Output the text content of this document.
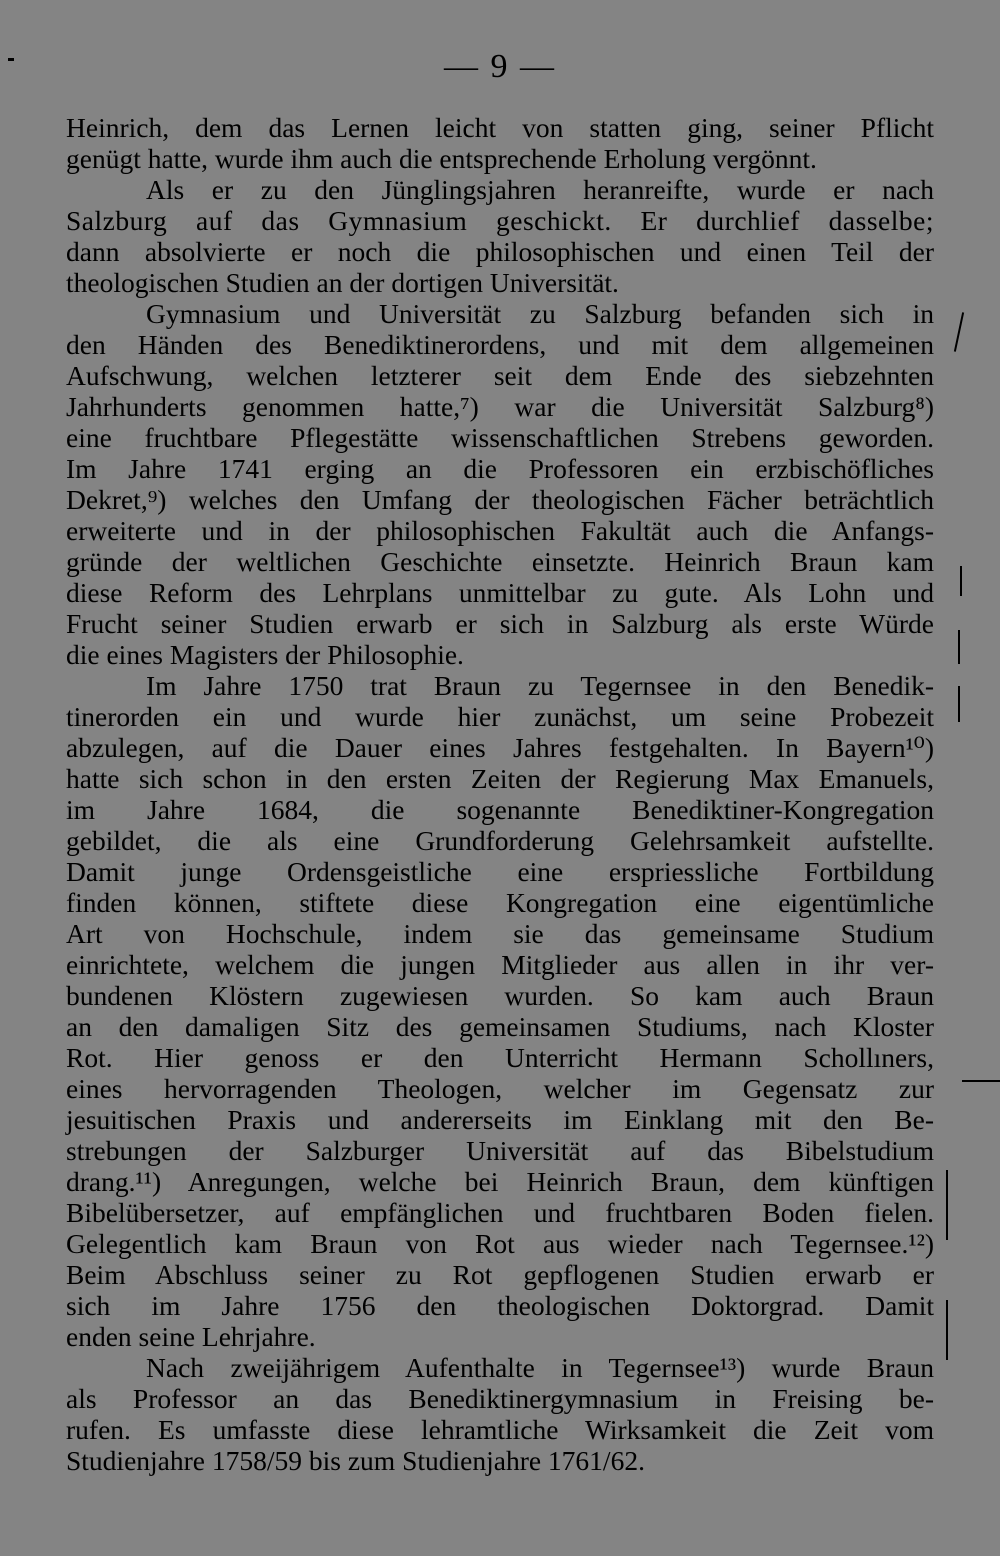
— 9 —
Heinrich, dem das Lernen leicht von statten ging, seiner Pflicht
genügt hatte, wurde ihm auch die entsprechende Erholung vergönnt.
Als er zu den Jünglingsjahren heranreifte, wurde er nach
Salzburg auf das Gymnasium geschickt. Er durchlief dasselbe;
dann absolvierte er noch die philosophischen und einen Teil der
theologischen Studien an der dortigen Universität.
Gymnasium und Universität zu Salzburg befanden sich in
den Händen des Benediktinerordens, und mit dem allgemeinen
Aufschwung, welchen letzterer seit dem Ende des siebzehnten
Jahrhunderts genommen hatte,⁷) war die Universität Salzburg⁸)
eine fruchtbare Pflegestätte wissenschaftlichen Strebens geworden.
Im Jahre 1741 erging an die Professoren ein erzbischöfliches
Dekret,⁹) welches den Umfang der theologischen Fächer beträchtlich
erweiterte und in der philosophischen Fakultät auch die Anfangs-
gründe der weltlichen Geschichte einsetzte. Heinrich Braun kam
diese Reform des Lehrplans unmittelbar zu gute. Als Lohn und
Frucht seiner Studien erwarb er sich in Salzburg als erste Würde
die eines Magisters der Philosophie.
Im Jahre 1750 trat Braun zu Tegernsee in den Benedik-
tinerorden ein und wurde hier zunächst, um seine Probezeit
abzulegen, auf die Dauer eines Jahres festgehalten. In Bayern¹⁰)
hatte sich schon in den ersten Zeiten der Regierung Max Emanuels,
im Jahre 1684, die sogenannte Benediktiner-Kongregation
gebildet, die als eine Grundforderung Gelehrsamkeit aufstellte.
Damit junge Ordensgeistliche eine erspriessliche Fortbildung
finden können, stiftete diese Kongregation eine eigentümliche
Art von Hochschule, indem sie das gemeinsame Studium
einrichtete, welchem die jungen Mitglieder aus allen in ihr ver-
bundenen Klöstern zugewiesen wurden. So kam auch Braun
an den damaligen Sitz des gemeinsamen Studiums, nach Kloster
Rot. Hier genoss er den Unterricht Hermann Schollıners,
eines hervorragenden Theologen, welcher im Gegensatz zur
jesuitischen Praxis und andererseits im Einklang mit den Be-
strebungen der Salzburger Universität auf das Bibelstudium
drang.¹¹) Anregungen, welche bei Heinrich Braun, dem künftigen
Bibelübersetzer, auf empfänglichen und fruchtbaren Boden fielen.
Gelegentlich kam Braun von Rot aus wieder nach Tegernsee.¹²)
Beim Abschluss seiner zu Rot gepflogenen Studien erwarb er
sich im Jahre 1756 den theologischen Doktorgrad. Damit
enden seine Lehrjahre.
Nach zweijährigem Aufenthalte in Tegernsee¹³) wurde Braun
als Professor an das Benediktinergymnasium in Freising be-
rufen. Es umfasste diese lehramtliche Wirksamkeit die Zeit vom
Studienjahre 1758/59 bis zum Studienjahre 1761/62.
